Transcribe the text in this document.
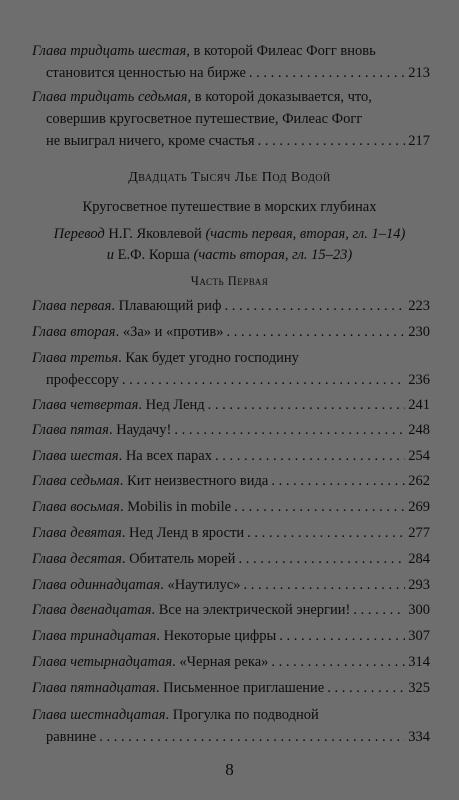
Глава тридцать шестая, в которой Филеас Фогг вновь
становится ценностью на бирже . . .	213
Глава тридцать седьмая, в которой доказывается, что,
совершив кругосветное путешествие, Филеас Фогг
не выиграл ничего, кроме счастья . . .	217
Двадцать Тысяч Лье Под Водой
Кругосветное путешествие в морских глубинах
Перевод Н.Г. Яковлевой (часть первая, вторая, гл. 1–14)
и Е.Ф. Корша (часть вторая, гл. 15–23)
Часть Первая
Глава первая. Плавающий риф . . .	223
Глава вторая. «За» и «против» . . .	230
Глава третья. Как будет угодно господину
профессору . . .	236
Глава четвертая. Нед Ленд . . .	241
Глава пятая. Наудачу! . . .	248
Глава шестая. На всех парах . . .	254
Глава седьмая. Кит неизвестного вида . . .	262
Глава восьмая. Mobilis in mobile . . .	269
Глава девятая. Нед Ленд в ярости . . .	277
Глава десятая. Обитатель морей . . .	284
Глава одиннадцатая. «Наутилус» . . .	293
Глава двенадцатая. Все на электрической энергии! . . .	300
Глава тринадцатая. Некоторые цифры . . .	307
Глава четырнадцатая. «Черная река» . . .	314
Глава пятнадцатая. Письменное приглашение . . .	325
Глава шестнадцатая. Прогулка по подводной
равнине . . .	334
8
